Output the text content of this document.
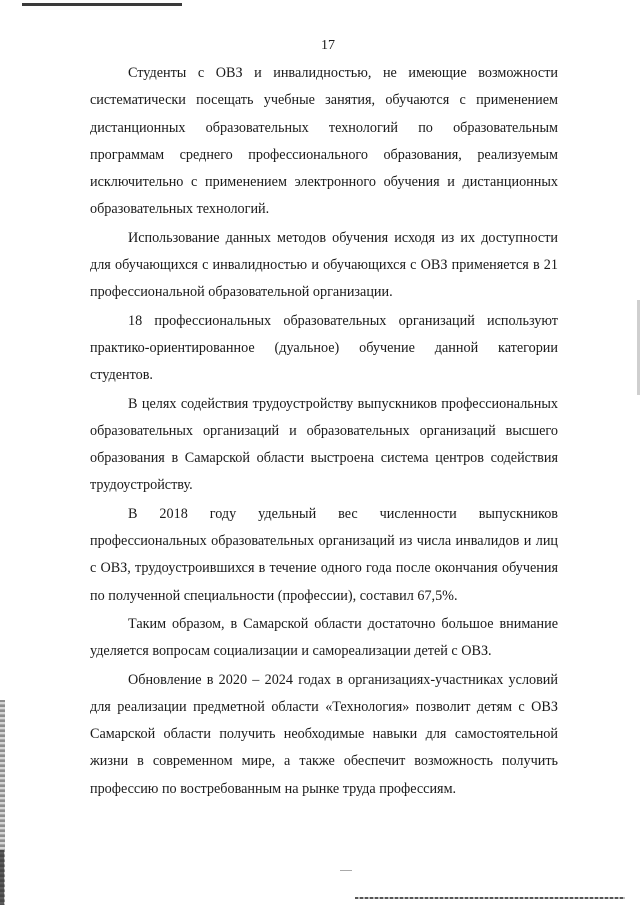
17

Студенты с ОВЗ и инвалидностью, не имеющие возможности систематически посещать учебные занятия, обучаются с применением дистанционных образовательных технологий по образовательным программам среднего профессионального образования, реализуемым исключительно с применением электронного обучения и дистанционных образовательных технологий.

Использование данных методов обучения исходя из их доступности для обучающихся с инвалидностью и обучающихся с ОВЗ применяется в 21 профессиональной образовательной организации.

18 профессиональных образовательных организаций используют практико-ориентированное (дуальное) обучение данной категории студентов.

В целях содействия трудоустройству выпускников профессиональных образовательных организаций и образовательных организаций высшего образования в Самарской области выстроена система центров содействия трудоустройству.

В 2018 году удельный вес численности выпускников профессиональных образовательных организаций из числа инвалидов и лиц с ОВЗ, трудоустроившихся в течение одного года после окончания обучения по полученной специальности (профессии), составил 67,5%.

Таким образом, в Самарской области достаточно большое внимание уделяется вопросам социализации и самореализации детей с ОВЗ.

Обновление в 2020 – 2024 годах в организациях-участниках условий для реализации предметной области «Технология» позволит детям с ОВЗ Самарской области получить необходимые навыки для самостоятельной жизни в современном мире, а также обеспечит возможность получить профессию по востребованным на рынке труда профессиям.
